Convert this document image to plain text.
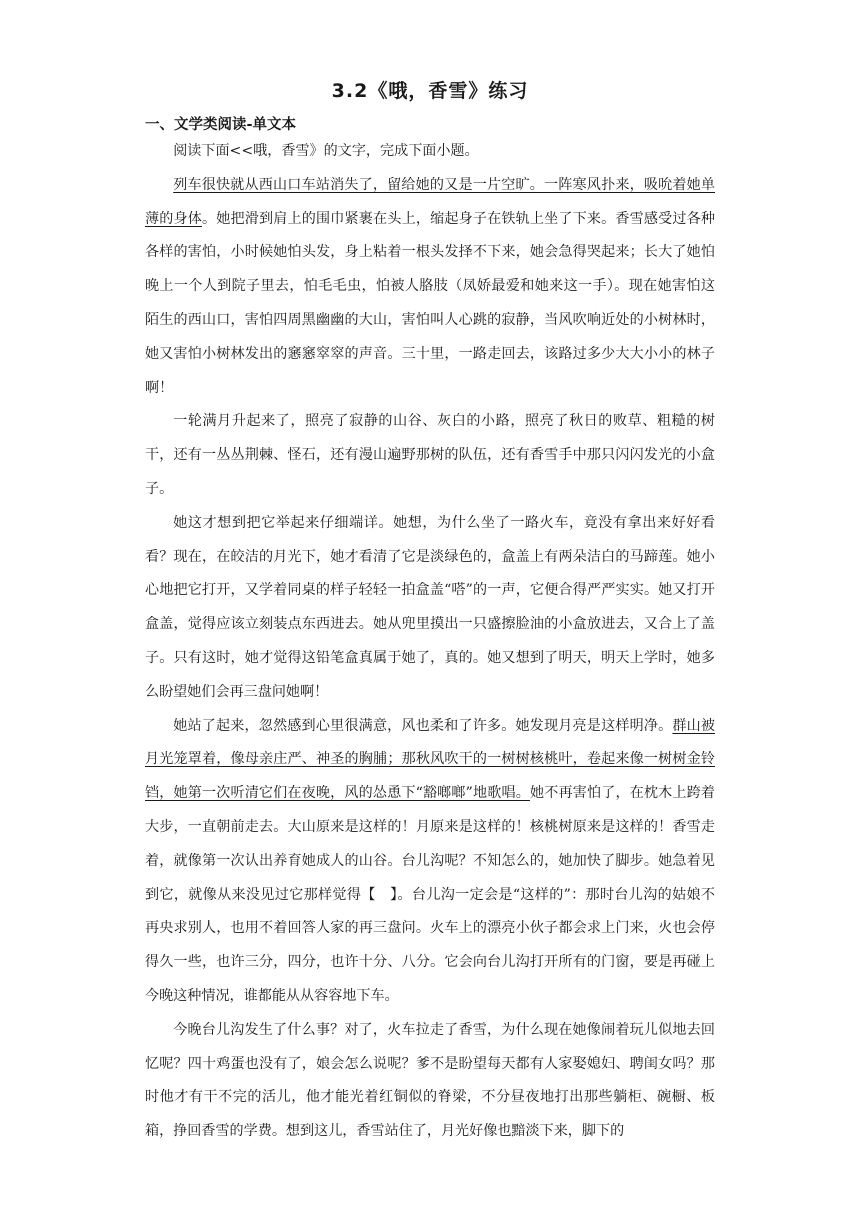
3.2《哦，香雪》练习
一、文学类阅读-单文本

阅读下面<<哦，香雪》的文字，完成下面小题。

列车很快就从西山口车站消失了，留给她的又是一片空旷。一阵寒风扑来，吸吮着她单薄的身体。她把滑到肩上的围巾紧裹在头上，缩起身子在铁轨上坐了下来。香雪感受过各种各样的害怕，小时候她怕头发，身上粘着一根头发择不下来，她会急得哭起来；长大了她怕晚上一个人到院子里去，怕毛毛虫，怕被人胳肢（凤娇最爱和她来这一手）。现在她害怕这陌生的西山口，害怕四周黑幽幽的大山，害怕叫人心跳的寂静，当风吹响近处的小树林时，她又害怕小树林发出的窸窸窣窣的声音。三十里，一路走回去，该路过多少大大小小的林子啊！

一轮满月升起来了，照亮了寂静的山谷、灰白的小路，照亮了秋日的败草、粗糙的树干，还有一丛丛荆棘、怪石，还有漫山遍野那树的队伍，还有香雪手中那只闪闪发光的小盒子。

她这才想到把它举起来仔细端详。她想，为什么坐了一路火车，竟没有拿出来好好看看？现在，在皎洁的月光下，她才看清了它是淡绿色的，盒盖上有两朵洁白的马蹄莲。她小心地把它打开，又学着同桌的样子轻轻一拍盒盖“嗒”的一声，它便合得严严实实。她又打开盒盖，觉得应该立刻装点东西进去。她从兜里摸出一只盛擦脸油的小盒放进去，又合上了盖子。只有这时，她才觉得这铅笔盒真属于她了，真的。她又想到了明天，明天上学时，她多么盼望她们会再三盘问她啊！

她站了起来，忽然感到心里很满意，风也柔和了许多。她发现月亮是这样明净。群山被月光笼罩着，像母亲庄严、神圣的胸脯；那秋风吹干的一树树核桃叶，卷起来像一树树金铃铛，她第一次听清它们在夜晚，风的怂恿下“豁啷啷”地歌唱。她不再害怕了，在枕木上跨着大步，一直朝前走去。大山原来是这样的！月原来是这样的！核桃树原来是这样的！香雪走着，就像第一次认出养育她成人的山谷。台儿沟呢？不知怎么的，她加快了脚步。她急着见到它，就像从来没见过它那样觉得【　】。台儿沟一定会是“这样的”：那时台儿沟的姑娘不再央求别人，也用不着回答人家的再三盘问。火车上的漂亮小伙子都会求上门来，火也会停得久一些，也许三分，四分，也许十分、八分。它会向台儿沟打开所有的门窗，要是再碰上今晚这种情况，谁都能从从容容地下车。

今晚台儿沟发生了什么事？对了，火车拉走了香雪，为什么现在她像闹着玩儿似地去回忆呢？四十鸡蛋也没有了，娘会怎么说呢？爹不是盼望每天都有人家娶媳妇、聘闺女吗？那时他才有干不完的活儿，他才能光着红铜似的脊梁，不分昼夜地打出那些躺柜、碗橱、板箱，挣回香雪的学费。想到这儿，香雪站住了，月光好像也黯淡下来，脚下的
